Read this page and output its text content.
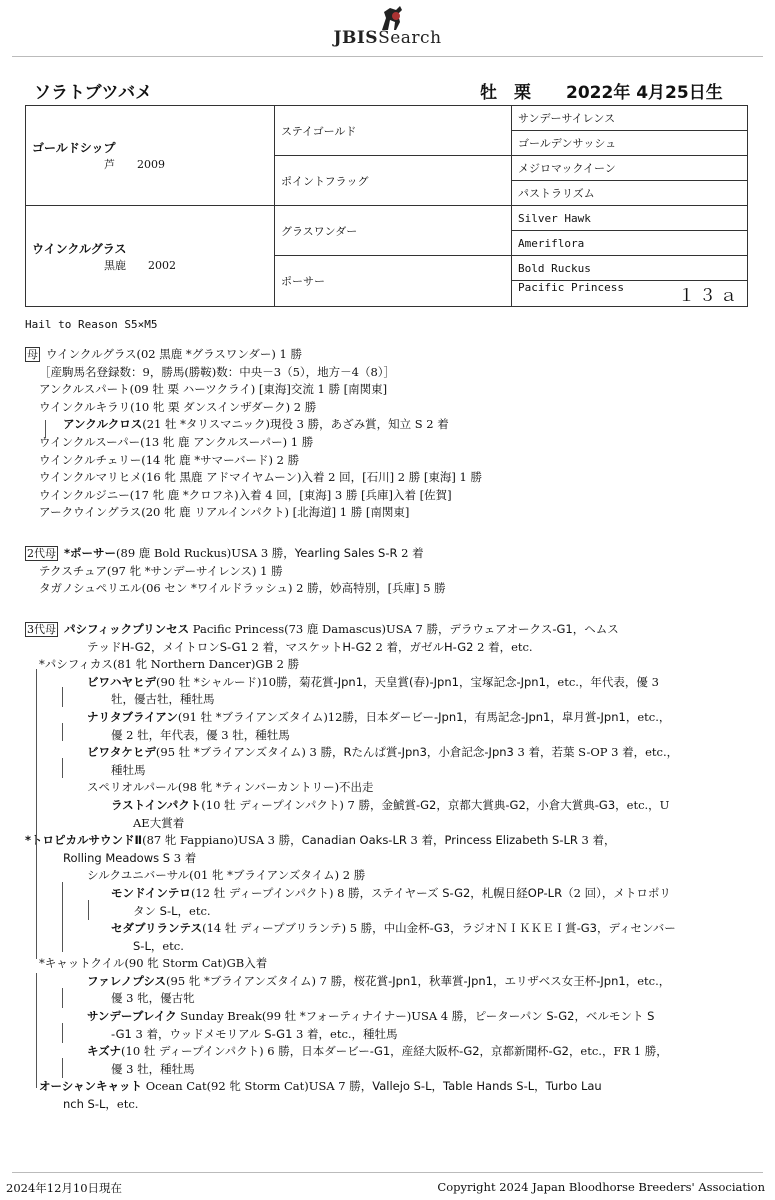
JBISSearch
ソラトブツバメ	牡　栗 2022年 4月25日生
ゴールドシップ
芦 2009	ステイゴールド	サンデーサイレンス
		ゴールデンサッシュ
	ポイントフラッグ	メジロマックイーン
		パストラリズム

ウインクルグラス
黒鹿 2002	グラスワンダー	Silver Hawk
		Ameriflora
	ポーサー	Bold Ruckus
		Pacific Princess １３ａ
Hail to Reason S5×M5
母 ウインクルグラス(02 黒鹿 *グラスワンダー) 1 勝
［産駒馬名登録数：9，勝馬(勝鞍)数：中央－3（5），地方－4（8）］
アンクルスパート(09 牡 栗 ハーツクライ) [東海]交流 1 勝 [南関東]
ウインクルキラリ(10 牝 栗 ダンスインザダーク) 2 勝
アンクルクロス(21 牡 *タリスマニック)現役 3 勝，あざみ賞，知立 S 2 着
ウインクルスーパー(13 牝 鹿 アンクルスーパー) 1 勝
ウインクルチェリー(14 牝 鹿 *サマーバード) 2 勝
ウインクルマリヒメ(16 牝 黒鹿 アドマイヤムーン)入着 2 回，[石川] 2 勝 [東海] 1 勝
ウインクルジニー(17 牝 鹿 *クロフネ)入着 4 回，[東海] 3 勝 [兵庫]入着 [佐賀]
アークウイングラス(20 牝 鹿 リアルインパクト) [北海道] 1 勝 [南関東]
2代母 *ポーサー(89 鹿 Bold Ruckus)USA 3 勝，Yearling Sales S-R 2 着
テクスチュア(97 牝 *サンデーサイレンス) 1 勝
タガノシュペリエル(06 セン *ワイルドラッシュ) 2 勝，妙高特別，[兵庫] 5 勝
3代母 パシフィックプリンセス Pacific Princess(73 鹿 Damascus)USA 7 勝，デラウェアオークス-G1，ヘムス
テッドH-G2，メイトロンS-G1 2 着，マスケットH-G2 2 着，ガゼルH-G2 2 着，etc.
*パシフィカス(81 牝 Northern Dancer)GB 2 勝
ビワハヤヒデ(90 牡 *シャルード)10勝，菊花賞-Jpn1，天皇賞(春)-Jpn1，宝塚記念-Jpn1，etc.，年代表，優 3
牡，優古牡，種牡馬
ナリタブライアン(91 牡 *ブライアンズタイム)12勝，日本ダービー-Jpn1，有馬記念-Jpn1，皐月賞-Jpn1，etc.，
優 2 牡，年代表，優 3 牡，種牡馬
ビワタケヒデ(95 牡 *ブライアンズタイム) 3 勝，Rたんぱ賞-Jpn3，小倉記念-Jpn3 3 着，若葉 S-OP 3 着，etc.，
種牡馬
スペリオルパール(98 牝 *ティンバーカントリー)不出走
ラストインパクト(10 牡 ディープインパクト) 7 勝，金鯱賞-G2，京都大賞典-G2，小倉大賞典-G3，etc.，U
AE大賞着
*トロピカルサウンドⅡ(87 牝 Fappiano)USA 3 勝，Canadian Oaks-LR 3 着，Princess Elizabeth S-LR 3 着，
Rolling Meadows S 3 着
シルクユニバーサル(01 牝 *ブライアンズタイム) 2 勝
モンドインテロ(12 牡 ディープインパクト) 8 勝，ステイヤーズ S-G2，札幌日経OP-LR（2 回），メトロポリ
タン S-L，etc.
セダブリランテス(14 牡 ディープブリランテ) 5 勝，中山金杯-G3，ラジオＮＩＫＫＥＩ賞-G3，ディセンバー
S-L，etc.
*キャットクイル(90 牝 Storm Cat)GB入着
ファレノプシス(95 牝 *ブライアンズタイム) 7 勝，桜花賞-Jpn1，秋華賞-Jpn1，エリザベス女王杯-Jpn1，etc.，
優 3 牝，優古牝
サンデーブレイク Sunday Break(99 牡 *フォーティナイナー)USA 4 勝，ピーターパン S-G2，ベルモント S
-G1 3 着，ウッドメモリアル S-G1 3 着，etc.，種牡馬
キズナ(10 牡 ディープインパクト) 6 勝，日本ダービー-G1，産経大阪杯-G2，京都新聞杯-G2，etc.，FR 1 勝，
優 3 牡，種牡馬
オーシャンキャット Ocean Cat(92 牝 Storm Cat)USA 7 勝，Vallejo S-L，Table Hands S-L，Turbo Lau
nch S-L，etc.
2024年12月10日現在	Copyright 2024 Japan Bloodhorse Breeders' Association
